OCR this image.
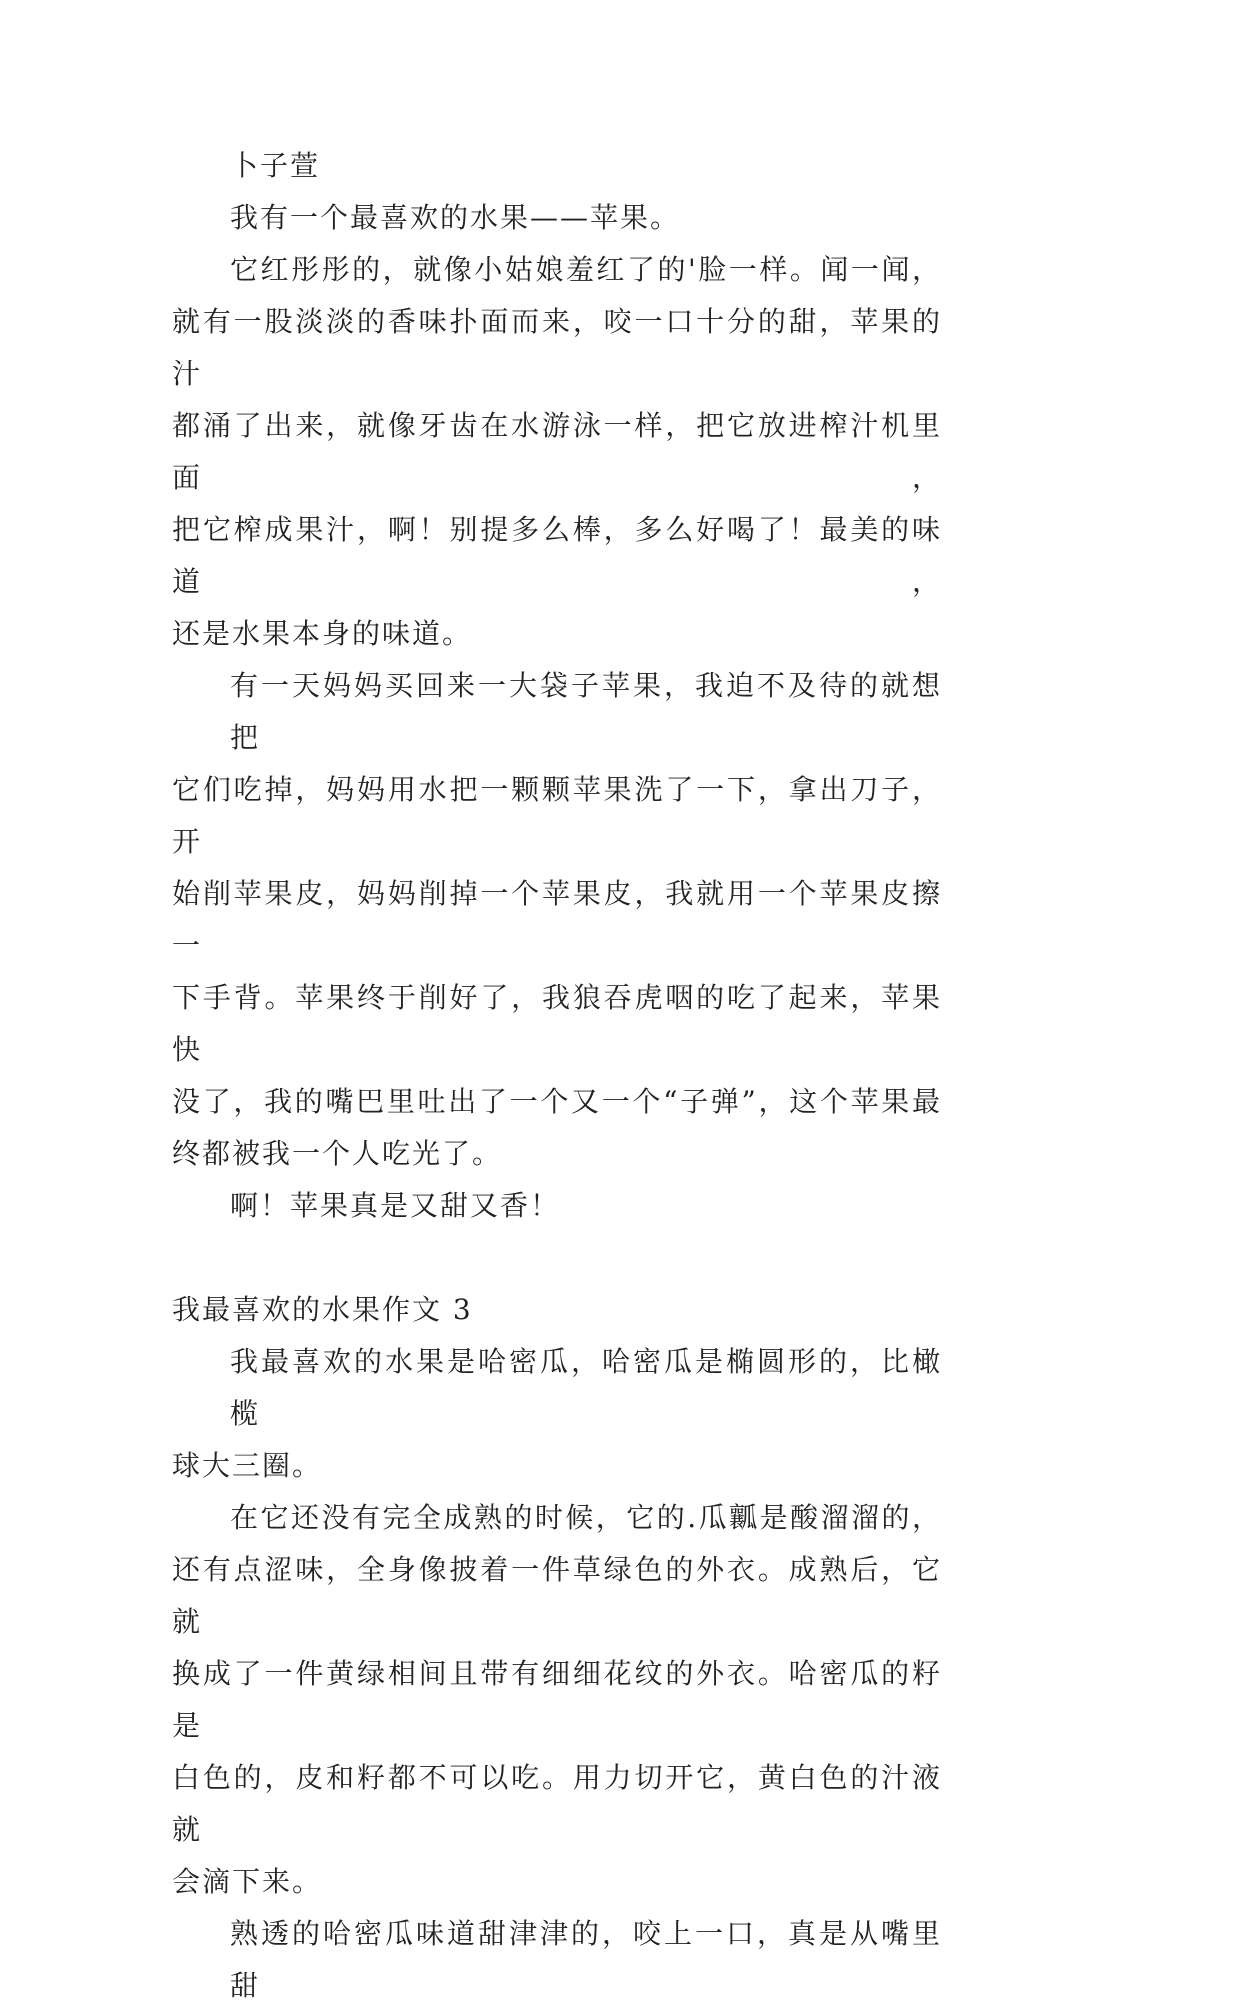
卜子萱

我有一个最喜欢的水果——苹果。

它红彤彤的，就像小姑娘羞红了的'脸一样。闻一闻，

就有一股淡淡的香味扑面而来，咬一口十分的甜，苹果的汁

都涌了出来，就像牙齿在水游泳一样，把它放进榨汁机里面，

把它榨成果汁，啊！别提多么棒，多么好喝了！最美的味道，

还是水果本身的味道。

有一天妈妈买回来一大袋子苹果，我迫不及待的就想把

它们吃掉，妈妈用水把一颗颗苹果洗了一下，拿出刀子，开

始削苹果皮，妈妈削掉一个苹果皮，我就用一个苹果皮擦一

下手背。苹果终于削好了，我狼吞虎咽的吃了起来，苹果快

没了，我的嘴巴里吐出了一个又一个“子弹”，这个苹果最

终都被我一个人吃光了。

啊！苹果真是又甜又香！

我最喜欢的水果作文 3

我最喜欢的水果是哈密瓜，哈密瓜是椭圆形的，比橄榄

球大三圈。

在它还没有完全成熟的时候，它的.瓜瓤是酸溜溜的，

还有点涩味，全身像披着一件草绿色的外衣。成熟后，它就

换成了一件黄绿相间且带有细细花纹的外衣。哈密瓜的籽是

白色的，皮和籽都不可以吃。用力切开它，黄白色的汁液就

会滴下来。

熟透的哈密瓜味道甜津津的，咬上一口，真是从嘴里甜
